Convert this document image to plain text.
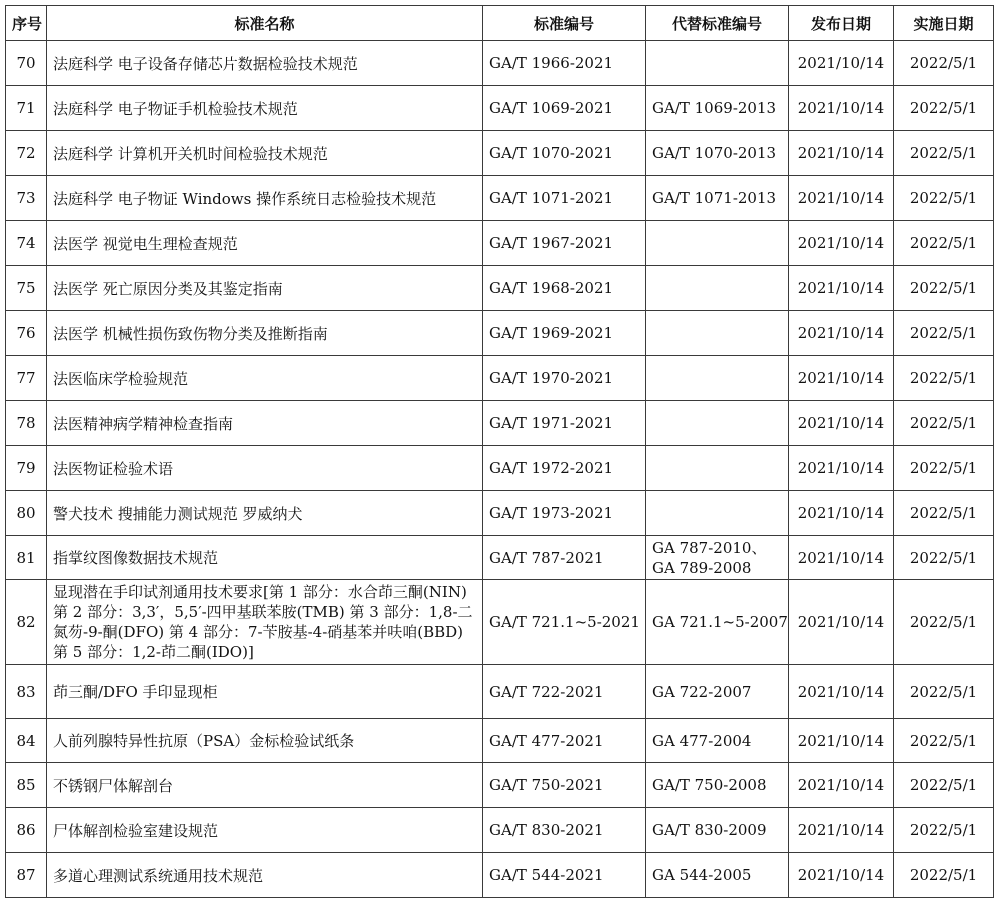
序号	标准名称	标准编号	代替标准编号	发布日期	实施日期
70	法庭科学 电子设备存储芯片数据检验技术规范	GA/T 1966-2021		2021/10/14	2022/5/1
71	法庭科学 电子物证手机检验技术规范	GA/T 1069-2021	GA/T 1069-2013	2021/10/14	2022/5/1
72	法庭科学 计算机开关机时间检验技术规范	GA/T 1070-2021	GA/T 1070-2013	2021/10/14	2022/5/1
73	法庭科学 电子物证 Windows 操作系统日志检验技术规范	GA/T 1071-2021	GA/T 1071-2013	2021/10/14	2022/5/1
74	法医学 视觉电生理检查规范	GA/T 1967-2021		2021/10/14	2022/5/1
75	法医学 死亡原因分类及其鉴定指南	GA/T 1968-2021		2021/10/14	2022/5/1
76	法医学 机械性损伤致伤物分类及推断指南	GA/T 1969-2021		2021/10/14	2022/5/1
77	法医临床学检验规范	GA/T 1970-2021		2021/10/14	2022/5/1
78	法医精神病学精神检查指南	GA/T 1971-2021		2021/10/14	2022/5/1
79	法医物证检验术语	GA/T 1972-2021		2021/10/14	2022/5/1
80	警犬技术 搜捕能力测试规范 罗威纳犬	GA/T 1973-2021		2021/10/14	2022/5/1
81	指掌纹图像数据技术规范	GA/T 787-2021	GA 787-2010、
GA 789-2008	2021/10/14	2022/5/1
82	显现潜在手印试剂通用技术要求[第 1 部分：水合茚三酮(NIN)
第 2 部分：3,3′，5,5′-四甲基联苯胺(TMB) 第 3 部分：1,8-二
氮芴-9-酮(DFO) 第 4 部分：7-苄胺基-4-硝基苯并呋咱(BBD)
第 5 部分：1,2-茚二酮(IDO)]	GA/T 721.1~5-2021	GA 721.1~5-2007	2021/10/14	2022/5/1
83	茚三酮/DFO 手印显现柜	GA/T 722-2021	GA 722-2007	2021/10/14	2022/5/1
84	人前列腺特异性抗原（PSA）金标检验试纸条	GA/T 477-2021	GA 477-2004	2021/10/14	2022/5/1
85	不锈钢尸体解剖台	GA/T 750-2021	GA/T 750-2008	2021/10/14	2022/5/1
86	尸体解剖检验室建设规范	GA/T 830-2021	GA/T 830-2009	2021/10/14	2022/5/1
87	多道心理测试系统通用技术规范	GA/T 544-2021	GA 544-2005	2021/10/14	2022/5/1
